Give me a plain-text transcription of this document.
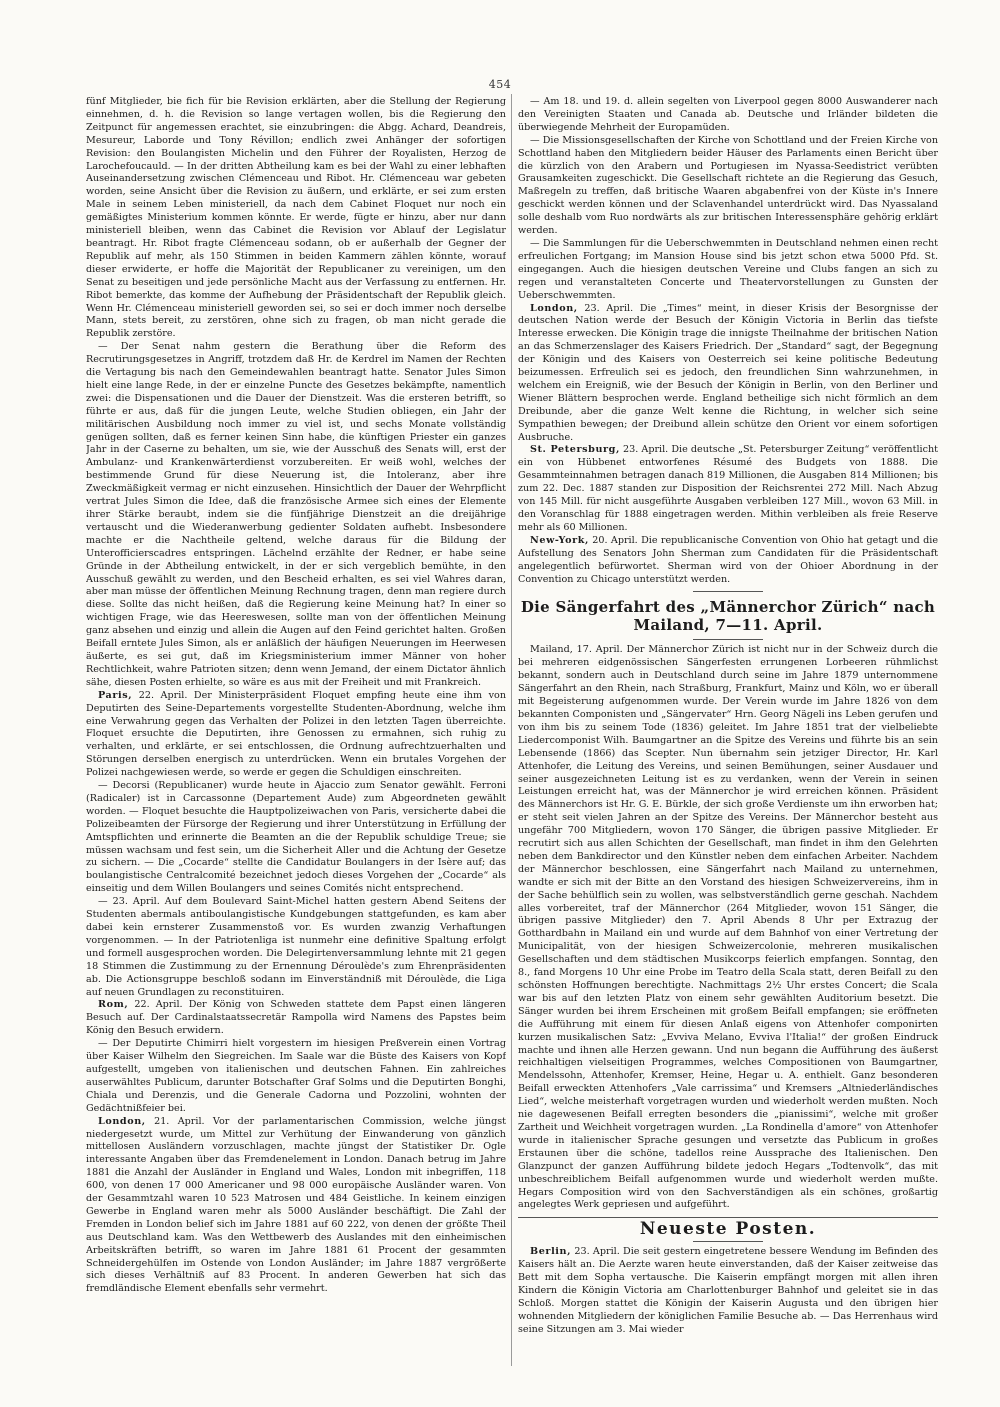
454

fünf Mitglieder, bie fich für bie Revision erklärten, aber die Stellung der Regierung einnehmen, d. h. die Revision so lange vertagen wollen, bis die Regierung den Zeitpunct für angemessen erachtet, sie einzubringen: die Abgg. Achard, Deandreis, Mesureur, Laborde und Tony Révillon; endlich zwei Anhänger der sofortigen Revision: den Boulangisten Michelin und den Führer der Royalisten, Herzog de Larochefoucauld. — In der dritten Abtheilung kam es bei der Wahl zu einer lebhaften Auseinandersetzung zwischen Clémenceau und Ribot. Hr. Clémenceau war gebeten worden, seine Ansicht über die Revision zu äußern, und erklärte, er sei zum ersten Male in seinem Leben ministeriell, da nach dem Cabinet Floquet nur noch ein gemäßigtes Ministerium kommen könnte. Er werde, fügte er hinzu, aber nur dann ministeriell bleiben, wenn das Cabinet die Revision vor Ablauf der Legislatur beantragt. Hr. Ribot fragte Clémenceau sodann, ob er außerhalb der Gegner der Republik auf mehr, als 150 Stimmen in beiden Kammern zählen könnte, worauf dieser erwiderte, er hoffe die Majorität der Republicaner zu vereinigen, um den Senat zu beseitigen und jede persönliche Macht aus der Verfassung zu entfernen. Hr. Ribot bemerkte, das komme der Aufhebung der Präsidentschaft der Republik gleich. Wenn Hr. Clémenceau ministeriell geworden sei, so sei er doch immer noch derselbe Mann, stets bereit, zu zerstören, ohne sich zu fragen, ob man nicht gerade die Republik zerstöre.

— Der Senat nahm gestern die Berathung über die Reform des Recrutirungsgesetzes in Angriff, trotzdem daß Hr. de Kerdrel im Namen der Rechten die Vertagung bis nach den Gemeindewahlen beantragt hatte. Senator Jules Simon hielt eine lange Rede, in der er einzelne Puncte des Gesetzes bekämpfte, namentlich zwei: die Dispensationen und die Dauer der Dienstzeit. Was die ersteren betrifft, so führte er aus, daß für die jungen Leute, welche Studien obliegen, ein Jahr der militärischen Ausbildung noch immer zu viel ist, und sechs Monate vollständig genügen sollten, daß es ferner keinen Sinn habe, die künftigen Priester ein ganzes Jahr in der Caserne zu behalten, um sie, wie der Ausschuß des Senats will, erst der Ambulanz- und Krankenwärterdienst vorzubereiten. Er weiß wohl, welches der bestimmende Grund für diese Neuerung ist, die Intoleranz, aber ihre Zweckmäßigkeit vermag er nicht einzusehen. Hinsichtlich der Dauer der Wehrpflicht vertrat Jules Simon die Idee, daß die französische Armee sich eines der Elemente ihrer Stärke beraubt, indem sie die fünfjährige Dienstzeit an die dreijährige vertauscht und die Wiederanwerbung gedienter Soldaten aufhebt. Insbesondere machte er die Nachtheile geltend, welche daraus für die Bildung der Unterofficierscadres entspringen. Lächelnd erzählte der Redner, er habe seine Gründe in der Abtheilung entwickelt, in der er sich vergeblich bemühte, in den Ausschuß gewählt zu werden, und den Bescheid erhalten, es sei viel Wahres daran, aber man müsse der öffentlichen Meinung Rechnung tragen, denn man regiere durch diese. Sollte das nicht heißen, daß die Regierung keine Meinung hat? In einer so wichtigen Frage, wie das Heereswesen, sollte man von der öffentlichen Meinung ganz absehen und einzig und allein die Augen auf den Feind gerichtet halten. Großen Beifall erntete Jules Simon, als er anläßlich der häufigen Neuerungen im Heerwesen äußerte, es sei gut, daß im Kriegsministerium immer Männer von hoher Rechtlichkeit, wahre Patrioten sitzen; denn wenn Jemand, der einem Dictator ähnlich sähe, diesen Posten erhielte, so wäre es aus mit der Freiheit und mit Frankreich.

Paris, 22. April. Der Ministerpräsident Floquet empfing heute eine ihm von Deputirten des Seine-Departements vorgestellte Studenten-Abordnung, welche ihm eine Verwahrung gegen das Verhalten der Polizei in den letzten Tagen überreichte. Floquet ersuchte die Deputirten, ihre Genossen zu ermahnen, sich ruhig zu verhalten, und erklärte, er sei entschlossen, die Ordnung aufrechtzuerhalten und Störungen derselben energisch zu unterdrücken. Wenn ein brutales Vorgehen der Polizei nachgewiesen werde, so werde er gegen die Schuldigen einschreiten.

— Decorsi (Republicaner) wurde heute in Ajaccio zum Senator gewählt. Ferroni (Radicaler) ist in Carcassonne (Departement Aude) zum Abgeordneten gewählt worden. — Floquet besuchte die Hauptpolizeiwachen von Paris, versicherte dabei die Polizeibeamten der Fürsorge der Regierung und ihrer Unterstützung in Erfüllung der Amtspflichten und erinnerte die Beamten an die der Republik schuldige Treue; sie müssen wachsam und fest sein, um die Sicherheit Aller und die Achtung der Gesetze zu sichern. — Die „Cocarde“ stellte die Candidatur Boulangers in der Isère auf; das boulangistische Centralcomité bezeichnet jedoch dieses Vorgehen der „Cocarde“ als einseitig und dem Willen Boulangers und seines Comités nicht entsprechend.

— 23. April. Auf dem Boulevard Saint-Michel hatten gestern Abend Seitens der Studenten abermals antiboulangistische Kundgebungen stattgefunden, es kam aber dabei kein ernsterer Zusammenstoß vor. Es wurden zwanzig Verhaftungen vorgenommen. — In der Patriotenliga ist nunmehr eine definitive Spaltung erfolgt und formell ausgesprochen worden. Die Delegirtenversammlung lehnte mit 21 gegen 18 Stimmen die Zustimmung zu der Ernennung Déroulède's zum Ehrenpräsidenten ab. Die Actionsgruppe beschloß sodann im Einverständniß mit Déroulède, die Liga auf neuen Grundlagen zu reconstituiren.

Rom, 22. April. Der König von Schweden stattete dem Papst einen längeren Besuch auf. Der Cardinalstaatssecretär Rampolla wird Namens des Papstes beim König den Besuch erwidern.

— Der Deputirte Chimirri hielt vorgestern im hiesigen Preßverein einen Vortrag über Kaiser Wilhelm den Siegreichen. Im Saale war die Büste des Kaisers von Kopf aufgestellt, umgeben von italienischen und deutschen Fahnen. Ein zahlreiches auserwähltes Publicum, darunter Botschafter Graf Solms und die Deputirten Bonghi, Chiala und Derenzis, und die Generale Cadorna und Pozzolini, wohnten der Gedächtnißfeier bei.

London, 21. April. Vor der parlamentarischen Commission, welche jüngst niedergesetzt wurde, um Mittel zur Verhütung der Einwanderung von gänzlich mittellosen Ausländern vorzuschlagen, machte jüngst der Statistiker Dr. Ogle interessante Angaben über das Fremdenelement in London. Danach betrug im Jahre 1881 die Anzahl der Ausländer in England und Wales, London mit inbegriffen, 118 600, von denen 17 000 Americaner und 98 000 europäische Ausländer waren. Von der Gesammtzahl waren 10 523 Matrosen und 484 Geistliche. In keinem einzigen Gewerbe in England waren mehr als 5000 Ausländer beschäftigt. Die Zahl der Fremden in London belief sich im Jahre 1881 auf 60 222, von denen der größte Theil aus Deutschland kam. Was den Wettbewerb des Auslandes mit den einheimischen Arbeitskräften betrifft, so waren im Jahre 1881 61 Procent der gesammten Schneidergehülfen im Ostende von London Ausländer; im Jahre 1887 vergrößerte sich dieses Verhältniß auf 83 Procent. In anderen Gewerben hat sich das fremdländische Element ebenfalls sehr vermehrt.

— Am 18. und 19. d. allein segelten von Liverpool gegen 8000 Auswanderer nach den Vereinigten Staaten und Canada ab. Deutsche und Irländer bildeten die überwiegende Mehrheit der Europamüden.

— Die Missionsgesellschaften der Kirche von Schottland und der Freien Kirche von Schottland haben den Mitgliedern beider Häuser des Parlaments einen Bericht über die kürzlich von den Arabern und Portugiesen im Nyassa-Seedistrict verübten Grausamkeiten zugeschickt. Die Gesellschaft richtete an die Regierung das Gesuch, Maßregeln zu treffen, daß britische Waaren abgabenfrei von der Küste in's Innere geschickt werden können und der Sclavenhandel unterdrückt wird. Das Nyassaland solle deshalb vom Ruo nordwärts als zur britischen Interessensphäre gehörig erklärt werden.

— Die Sammlungen für die Ueberschwemmten in Deutschland nehmen einen recht erfreulichen Fortgang; im Mansion House sind bis jetzt schon etwa 5000 Pfd. St. eingegangen. Auch die hiesigen deutschen Vereine und Clubs fangen an sich zu regen und veranstalteten Concerte und Theatervorstellungen zu Gunsten der Ueberschwemmten.

London, 23. April. Die „Times“ meint, in dieser Krisis der Besorgnisse der deutschen Nation werde der Besuch der Königin Victoria in Berlin das tiefste Interesse erwecken. Die Königin trage die innigste Theilnahme der britischen Nation an das Schmerzenslager des Kaisers Friedrich. Der „Standard“ sagt, der Begegnung der Königin und des Kaisers von Oesterreich sei keine politische Bedeutung beizumessen. Erfreulich sei es jedoch, den freundlichen Sinn wahrzunehmen, in welchem ein Ereigniß, wie der Besuch der Königin in Berlin, von den Berliner und Wiener Blättern besprochen werde. England betheilige sich nicht förmlich an dem Dreibunde, aber die ganze Welt kenne die Richtung, in welcher sich seine Sympathien bewegen; der Dreibund allein schütze den Orient vor einem sofortigen Ausbruche.

St. Petersburg, 23. April. Die deutsche „St. Petersburger Zeitung“ veröffentlicht ein von Hübbenet entworfenes Résumé des Budgets von 1888. Die Gesammteinnahmen betragen danach 819 Millionen, die Ausgaben 814 Millionen; bis zum 22. Dec. 1887 standen zur Disposition der Reichsrentei 272 Mill. Nach Abzug von 145 Mill. für nicht ausgeführte Ausgaben verbleiben 127 Mill., wovon 63 Mill. in den Voranschlag für 1888 eingetragen werden. Mithin verbleiben als freie Reserve mehr als 60 Millionen.

New-York, 20. April. Die republicanische Convention von Ohio hat getagt und die Aufstellung des Senators John Sherman zum Candidaten für die Präsidentschaft angelegentlich befürwortet. Sherman wird von der Ohioer Abordnung in der Convention zu Chicago unterstützt werden.

Die Sängerfahrt des „Männerchor Zürich“ nach Mailand, 7—11. April.

Mailand, 17. April. Der Männerchor Zürich ist nicht nur in der Schweiz durch die bei mehreren eidgenössischen Sängerfesten errungenen Lorbeeren rühmlichst bekannt, sondern auch in Deutschland durch seine im Jahre 1879 unternommene Sängerfahrt an den Rhein, nach Straßburg, Frankfurt, Mainz und Köln, wo er überall mit Begeisterung aufgenommen wurde. Der Verein wurde im Jahre 1826 von dem bekannten Componisten und „Sängervater“ Hrn. Georg Nägeli ins Leben gerufen und von ihm bis zu seinem Tode (1836) geleitet. Im Jahre 1851 trat der vielbeliebte Liedercomponist Wilh. Baumgartner an die Spitze des Vereins und führte bis an sein Lebensende (1866) das Scepter. Nun übernahm sein jetziger Director, Hr. Karl Attenhofer, die Leitung des Vereins, und seinen Bemühungen, seiner Ausdauer und seiner ausgezeichneten Leitung ist es zu verdanken, wenn der Verein in seinen Leistungen erreicht hat, was der Männerchor je wird erreichen können. Präsident des Männerchors ist Hr. G. E. Bürkle, der sich große Verdienste um ihn erworben hat; er steht seit vielen Jahren an der Spitze des Vereins. Der Männerchor besteht aus ungefähr 700 Mitgliedern, wovon 170 Sänger, die übrigen passive Mitglieder. Er recrutirt sich aus allen Schichten der Gesellschaft, man findet in ihm den Gelehrten neben dem Bankdirector und den Künstler neben dem einfachen Arbeiter. Nachdem der Männerchor beschlossen, eine Sängerfahrt nach Mailand zu unternehmen, wandte er sich mit der Bitte an den Vorstand des hiesigen Schweizervereins, ihm in der Sache behülflich sein zu wollen, was selbstverständlich gerne geschah. Nachdem alles vorbereitet, traf der Männerchor (264 Mitglieder, wovon 151 Sänger, die übrigen passive Mitglieder) den 7. April Abends 8 Uhr per Extrazug der Gotthardbahn in Mailand ein und wurde auf dem Bahnhof von einer Vertretung der Municipalität, von der hiesigen Schweizercolonie, mehreren musikalischen Gesellschaften und dem städtischen Musikcorps feierlich empfangen. Sonntag, den 8., fand Morgens 10 Uhr eine Probe im Teatro della Scala statt, deren Beifall zu den schönsten Hoffnungen berechtigte. Nachmittags 2½ Uhr erstes Concert; die Scala war bis auf den letzten Platz von einem sehr gewählten Auditorium besetzt. Die Sänger wurden bei ihrem Erscheinen mit großem Beifall empfangen; sie eröffneten die Aufführung mit einem für diesen Anlaß eigens von Attenhofer componirten kurzen musikalischen Satz: „Evviva Melano, Evviva l'Italia!“ der großen Eindruck machte und ihnen alle Herzen gewann. Und nun begann die Aufführung des äußerst reichhaltigen vielseitigen Programmes, welches Compositionen von Baumgartner, Mendelssohn, Attenhofer, Kremser, Heine, Hegar u. A. enthielt. Ganz besonderen Beifall erweckten Attenhofers „Vale carrissima“ und Kremsers „Altniederländisches Lied“, welche meisterhaft vorgetragen wurden und wiederholt werden mußten. Noch nie dagewesenen Beifall erregten besonders die „pianissimi“, welche mit großer Zartheit und Weichheit vorgetragen wurden. „La Rondinella d'amore“ von Attenhofer wurde in italienischer Sprache gesungen und versetzte das Publicum in großes Erstaunen über die schöne, tadellos reine Aussprache des Italienischen. Den Glanzpunct der ganzen Aufführung bildete jedoch Hegars „Todtenvolk“, das mit unbeschreiblichem Beifall aufgenommen wurde und wiederholt werden mußte. Hegars Composition wird von den Sachverständigen als ein schönes, großartig angelegtes Werk gepriesen und aufgeführt.

Neueste Posten.

Berlin, 23. April. Die seit gestern eingetretene bessere Wendung im Befinden des Kaisers hält an. Die Aerzte waren heute einverstanden, daß der Kaiser zeitweise das Bett mit dem Sopha vertausche. Die Kaiserin empfängt morgen mit allen ihren Kindern die Königin Victoria am Charlottenburger Bahnhof und geleitet sie in das Schloß. Morgen stattet die Königin der Kaiserin Augusta und den übrigen hier wohnenden Mitgliedern der königlichen Familie Besuche ab. — Das Herrenhaus wird seine Sitzungen am 3. Mai wieder
